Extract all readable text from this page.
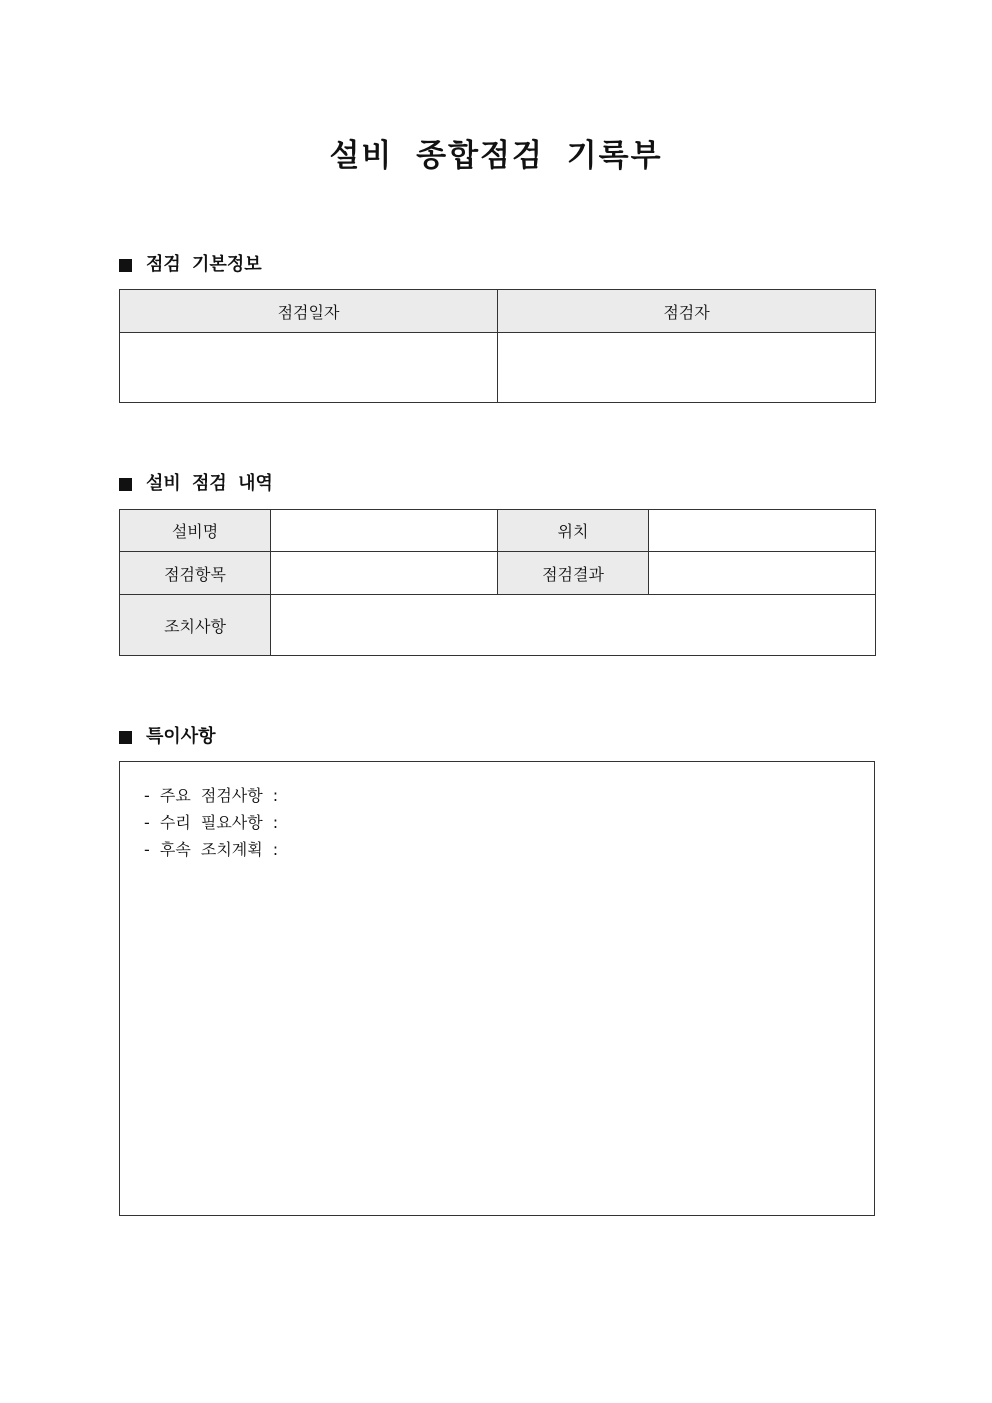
설비 종합점검 기록부
점검 기본정보
점검일자	점검자

설비 점검 내역
설비명		위치	
점검항목		점검결과	
조치사항			
특이사항
- 주요 점검사항 :
- 수리 필요사항 :
- 후속 조치계획 :
